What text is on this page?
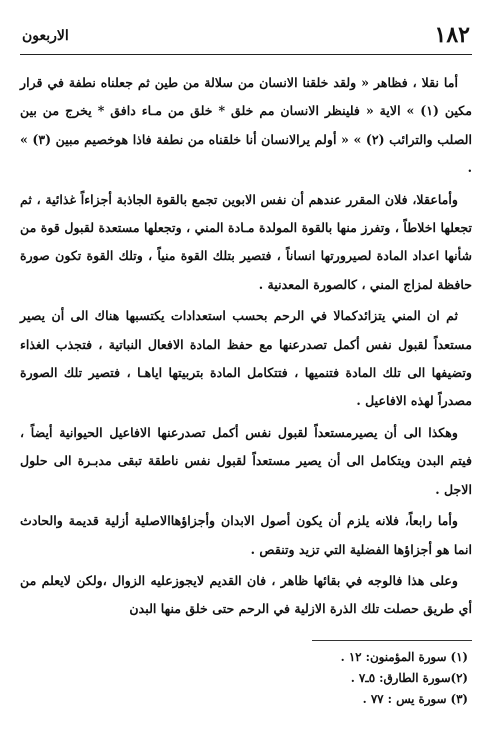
١٨٢
الاربعون

أما نقلا ، فظاهر « ولقد خلقنا الانسان من سلالة من طين ثم جعلناه نطفة في قرار مكين (١) » الاية « فلينظر الانسان مم خلق * خلق من مـاء دافق * يخرج من بين الصلب والترائب (٢) » « أولم يرالانسان أنا خلقناه من نطفة فاذا هوخصيم مبين (٣) » .

وأماعقلا، فلان المقرر عندهم أن نفس الابوين تجمع بالقوة الجاذبة أجزاءاً غذائية ، ثم تجعلها اخلاطاً ، وتفرز منها بالقوة المولدة مـادة المني ، وتجعلها مستعدة لقبول قوة من شأنها اعداد المادة لصيرورتها انساناً ، فتصير بتلك القوة منياً ، وتلك القوة تكون صورة حافظة لمزاج المني ، كالصورة المعدنية .

ثم ان المني يتزائدكمالا في الرحم بحسب استعدادات يكتسبها هناك الى أن يصير مستعداً لقبول نفس أكمل تصدرعنها مع حفظ المادة الافعال النباتية ، فتجذب الغذاء وتضيفها الى تلك المادة فتنميها ، فتتكامل المادة بتربيتها اياهـا ، فتصير تلك الصورة مصدراً لهذه الافاعيل .

وهكذا الى أن يصيرمستعداً لقبول نفس أكمل تصدرعنها الافاعيل الحيوانية أيضاً ، فيتم البدن ويتكامل الى أن يصير مستعداً لقبول نفس ناطقة تبقى مدبـرة الى حلول الاجل .

وأما رابعاً، فلانه يلزم أن يكون أصول الابدان وأجزاؤهاالاصلية أزلية قديمة والحادث انما هو أجزاؤها الفضلية التي تزيد وتنقص .

وعلى هذا فالوجه في بقائها ظاهر ، فان القديم لايجوزعليه الزوال ،ولكن لايعلم من أي طريق حصلت تلك الذرة الازلية في الرحم حتى خلق منها البدن

(١) سورة المؤمنون: ١٢ .
(٢)سورة الطارق: ٥ـ٧ .
(٣) سورة يس : ٧٧ .
